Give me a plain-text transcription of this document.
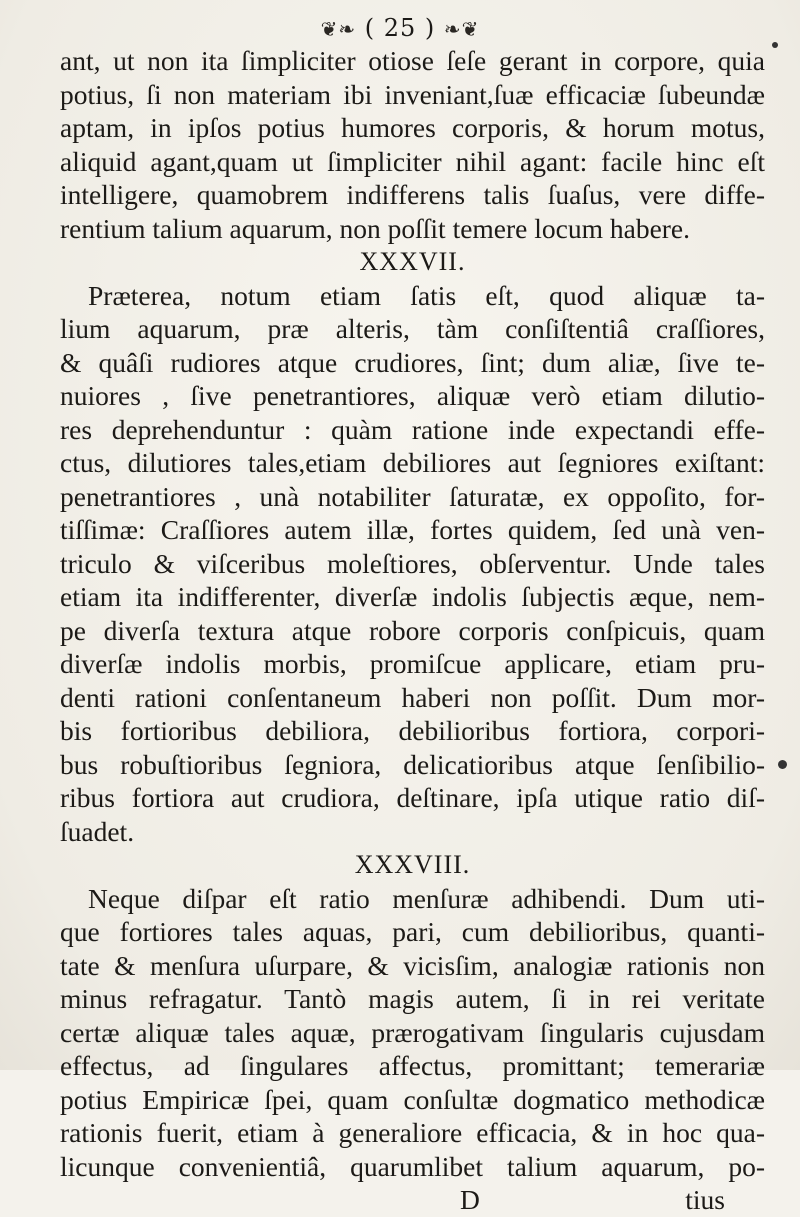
❦❧ ( 25 ) ❧❦
ant, ut non ita ſimpliciter otiose ſeſe gerant in corpore, quia
potius, ſi non materiam ibi inveniant,ſuæ efficaciæ ſubeundæ
aptam, in ipſos potius humores corporis, & horum motus,
aliquid agant,quam ut ſimpliciter nihil agant: facile hinc eſt
intelligere, quamobrem indifferens talis ſuaſus, vere diffe-
rentium talium aquarum, non poſſit temere locum habere.
XXXVII.
Præterea, notum etiam ſatis eſt, quod aliquæ ta-
lium aquarum, præ alteris, tàm conſiſtentiâ craſſiores,
& quâſi rudiores atque crudiores, ſint; dum aliæ, ſive te-
nuiores , ſive penetrantiores, aliquæ verò etiam dilutio-
res deprehenduntur : quàm ratione inde expectandi effe-
ctus, dilutiores tales,etiam debiliores aut ſegniores exiſtant:
penetrantiores , unà notabiliter ſaturatæ, ex oppoſito, for-
tiſſimæ: Craſſiores autem illæ, fortes quidem, ſed unà ven-
triculo & viſceribus moleſtiores, obſerventur. Unde tales
etiam ita indifferenter, diverſæ indolis ſubjectis æque, nem-
pe diverſa textura atque robore corporis conſpicuis, quam
diverſæ indolis morbis, promiſcue applicare, etiam pru-
denti rationi conſentaneum haberi non poſſit. Dum mor-
bis fortioribus debiliora, debilioribus fortiora, corpori-
bus robuſtioribus ſegniora, delicatioribus atque ſenſibilio-
ribus fortiora aut crudiora, deſtinare, ipſa utique ratio diſ-
ſuadet.
XXXVIII.
Neque diſpar eſt ratio menſuræ adhibendi. Dum uti-
que fortiores tales aquas, pari, cum debilioribus, quanti-
tate & menſura uſurpare, & vicisſim, analogiæ rationis non
minus refragatur. Tantò magis autem, ſi in rei veritate
certæ aliquæ tales aquæ, prærogativam ſingularis cujusdam
effectus, ad ſingulares affectus, promittant; temerariæ
potius Empiricæ ſpei, quam conſultæ dogmatico methodicæ
rationis fuerit, etiam à generaliore efficacia, & in hoc qua-
licunque convenientiâ, quarumlibet talium aquarum, po-
D	tius
